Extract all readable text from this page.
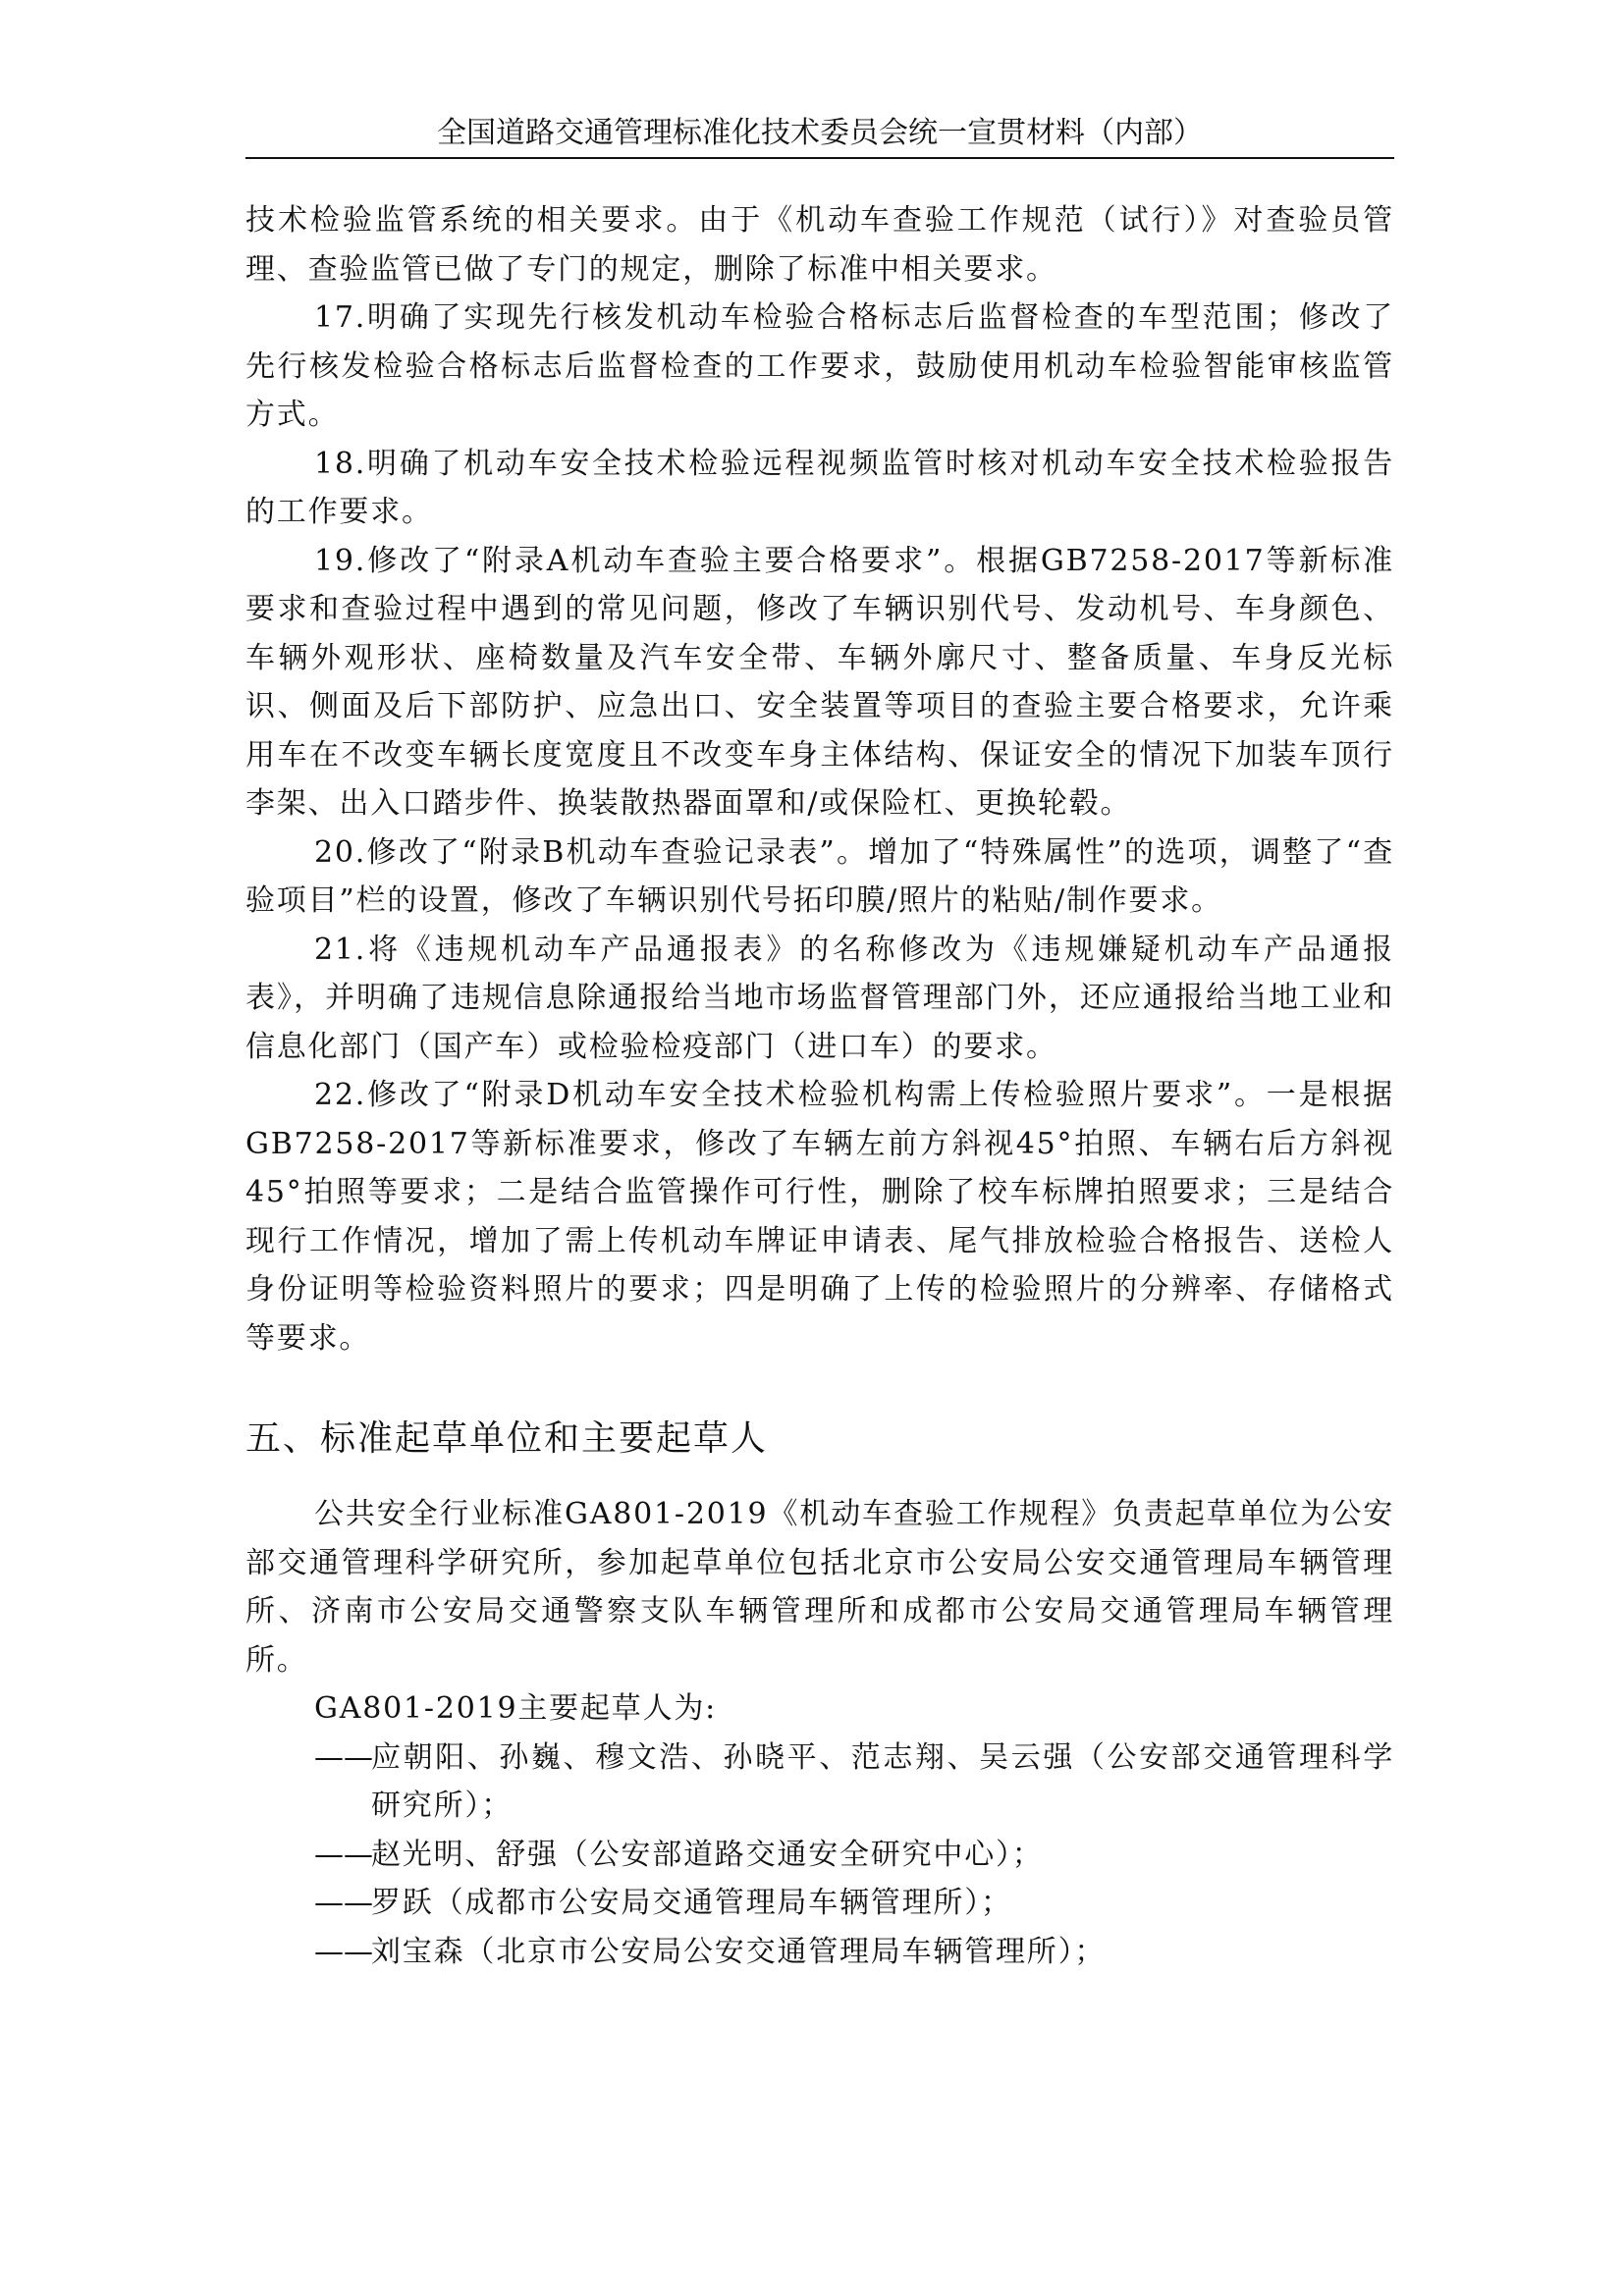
全国道路交通管理标准化技术委员会统一宣贯材料（内部）

技术检验监管系统的相关要求。由于《机动车查验工作规范（试行）》对查验员管理、查验监管已做了专门的规定，删除了标准中相关要求。

17.明确了实现先行核发机动车检验合格标志后监督检查的车型范围；修改了先行核发检验合格标志后监督检查的工作要求，鼓励使用机动车检验智能审核监管方式。

18.明确了机动车安全技术检验远程视频监管时核对机动车安全技术检验报告的工作要求。

19.修改了“附录A机动车查验主要合格要求”。根据GB7258-2017等新标准要求和查验过程中遇到的常见问题，修改了车辆识别代号、发动机号、车身颜色、车辆外观形状、座椅数量及汽车安全带、车辆外廓尺寸、整备质量、车身反光标识、侧面及后下部防护、应急出口、安全装置等项目的查验主要合格要求，允许乘用车在不改变车辆长度宽度且不改变车身主体结构、保证安全的情况下加装车顶行李架、出入口踏步件、换装散热器面罩和/或保险杠、更换轮毂。

20.修改了“附录B机动车查验记录表”。增加了“特殊属性”的选项，调整了“查验项目”栏的设置，修改了车辆识别代号拓印膜/照片的粘贴/制作要求。

21.将《违规机动车产品通报表》的名称修改为《违规嫌疑机动车产品通报表》，并明确了违规信息除通报给当地市场监督管理部门外，还应通报给当地工业和信息化部门（国产车）或检验检疫部门（进口车）的要求。

22.修改了“附录D机动车安全技术检验机构需上传检验照片要求”。一是根据GB7258-2017等新标准要求，修改了车辆左前方斜视45°拍照、车辆右后方斜视45°拍照等要求；二是结合监管操作可行性，删除了校车标牌拍照要求；三是结合现行工作情况，增加了需上传机动车牌证申请表、尾气排放检验合格报告、送检人身份证明等检验资料照片的要求；四是明确了上传的检验照片的分辨率、存储格式等要求。

五、标准起草单位和主要起草人

公共安全行业标准GA801-2019《机动车查验工作规程》负责起草单位为公安部交通管理科学研究所，参加起草单位包括北京市公安局公安交通管理局车辆管理所、济南市公安局交通警察支队车辆管理所和成都市公安局交通管理局车辆管理所。

GA801-2019主要起草人为:

——
应朝阳、孙巍、穆文浩、孙晓平、范志翔、吴云强（公安部交通管理科学研究所）；
——
赵光明、舒强（公安部道路交通安全研究中心）；
——
罗跃（成都市公安局交通管理局车辆管理所）；
——
刘宝森（北京市公安局公安交通管理局车辆管理所）；
